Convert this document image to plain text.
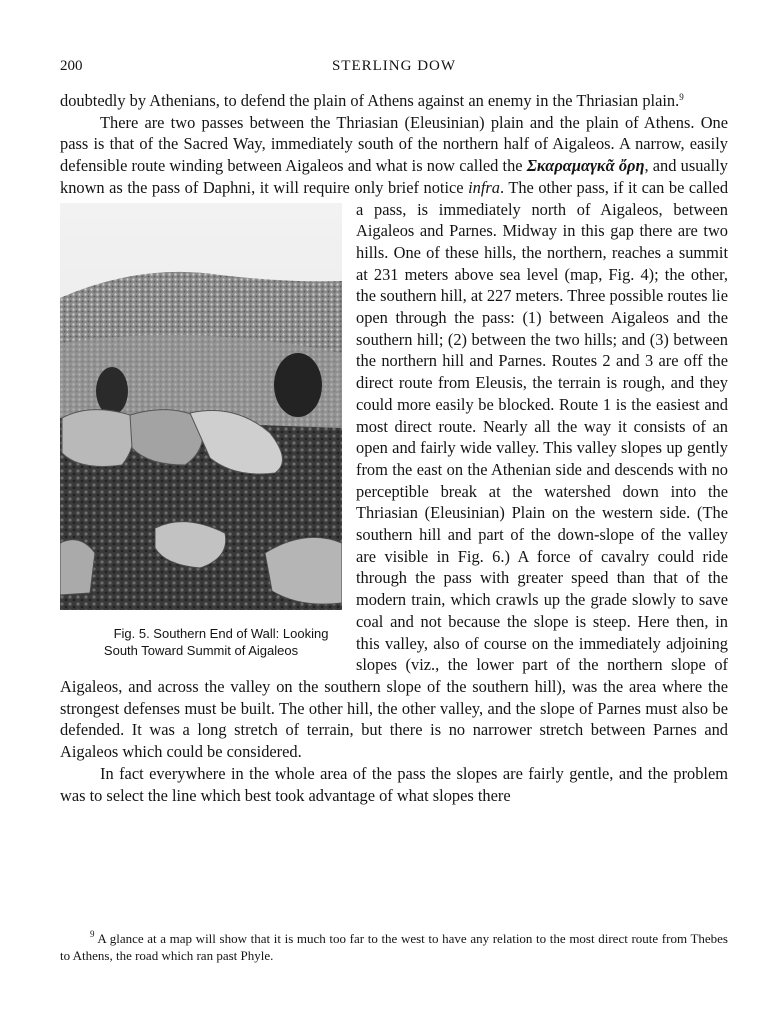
200	STERLING DOW

doubtedly by Athenians, to defend the plain of Athens against an enemy in the Thriasian plain.$^9$

There are two passes between the Thriasian (Eleusinian) plain and the plain of Athens. One pass is that of the Sacred Way, immediately south of the northern half of Aigaleos. A narrow, easily defensible route winding between Aigaleos and what is now called the Σκαραμαγκᾶ ὄρη, and usually known as the pass of Daphni, it will require only brief notice infra
Fig. 5. Southern End of Wall: Looking
South Toward Summit of Aigaleos
. The other pass, if it can be called a pass, is immediately north of Aigaleos, between Aigaleos and Parnes. Midway in this gap there are two hills. One of these hills, the northern, reaches a summit at 231 meters above sea level (map, Fig. 4); the other, the southern hill, at 227 meters. Three possible routes lie open through the pass: (1) between Aigaleos and the southern hill; (2) between the two hills; and (3) between the northern hill and Parnes. Routes 2 and 3 are off the direct route from Eleusis, the terrain is rough, and they could more easily be blocked. Route 1 is the easiest and most direct route. Nearly all the way it consists of an open and fairly wide valley. This valley slopes up gently from the east on the Athenian side and descends with no perceptible break at the watershed down into the Thriasian (Eleusinian) Plain on the western side. (The southern hill and part of the down-slope of the valley are visible in Fig. 6.) A force of cavalry could ride through the pass with greater speed than that of the modern train, which crawls up the grade slowly to save coal and not because the slope is steep. Here then, in this valley, also of course on the immediately adjoining slopes (viz., the lower part of the northern slope of Aigaleos, and across the valley on the southern slope of the southern hill), was the area where the strongest defenses must be built. The other hill, the other valley, and the slope of Parnes must also be defended. It was a long stretch of terrain, but there is no narrower stretch between Parnes and Aigaleos which could be considered.

In fact everywhere in the whole area of the pass the slopes are fairly gentle, and the problem was to select the line which best took advantage of what slopes there

$^9$ A glance at a map will show that it is much too far to the west to have any relation to the most direct route from Thebes to Athens, the road which ran past Phyle.
